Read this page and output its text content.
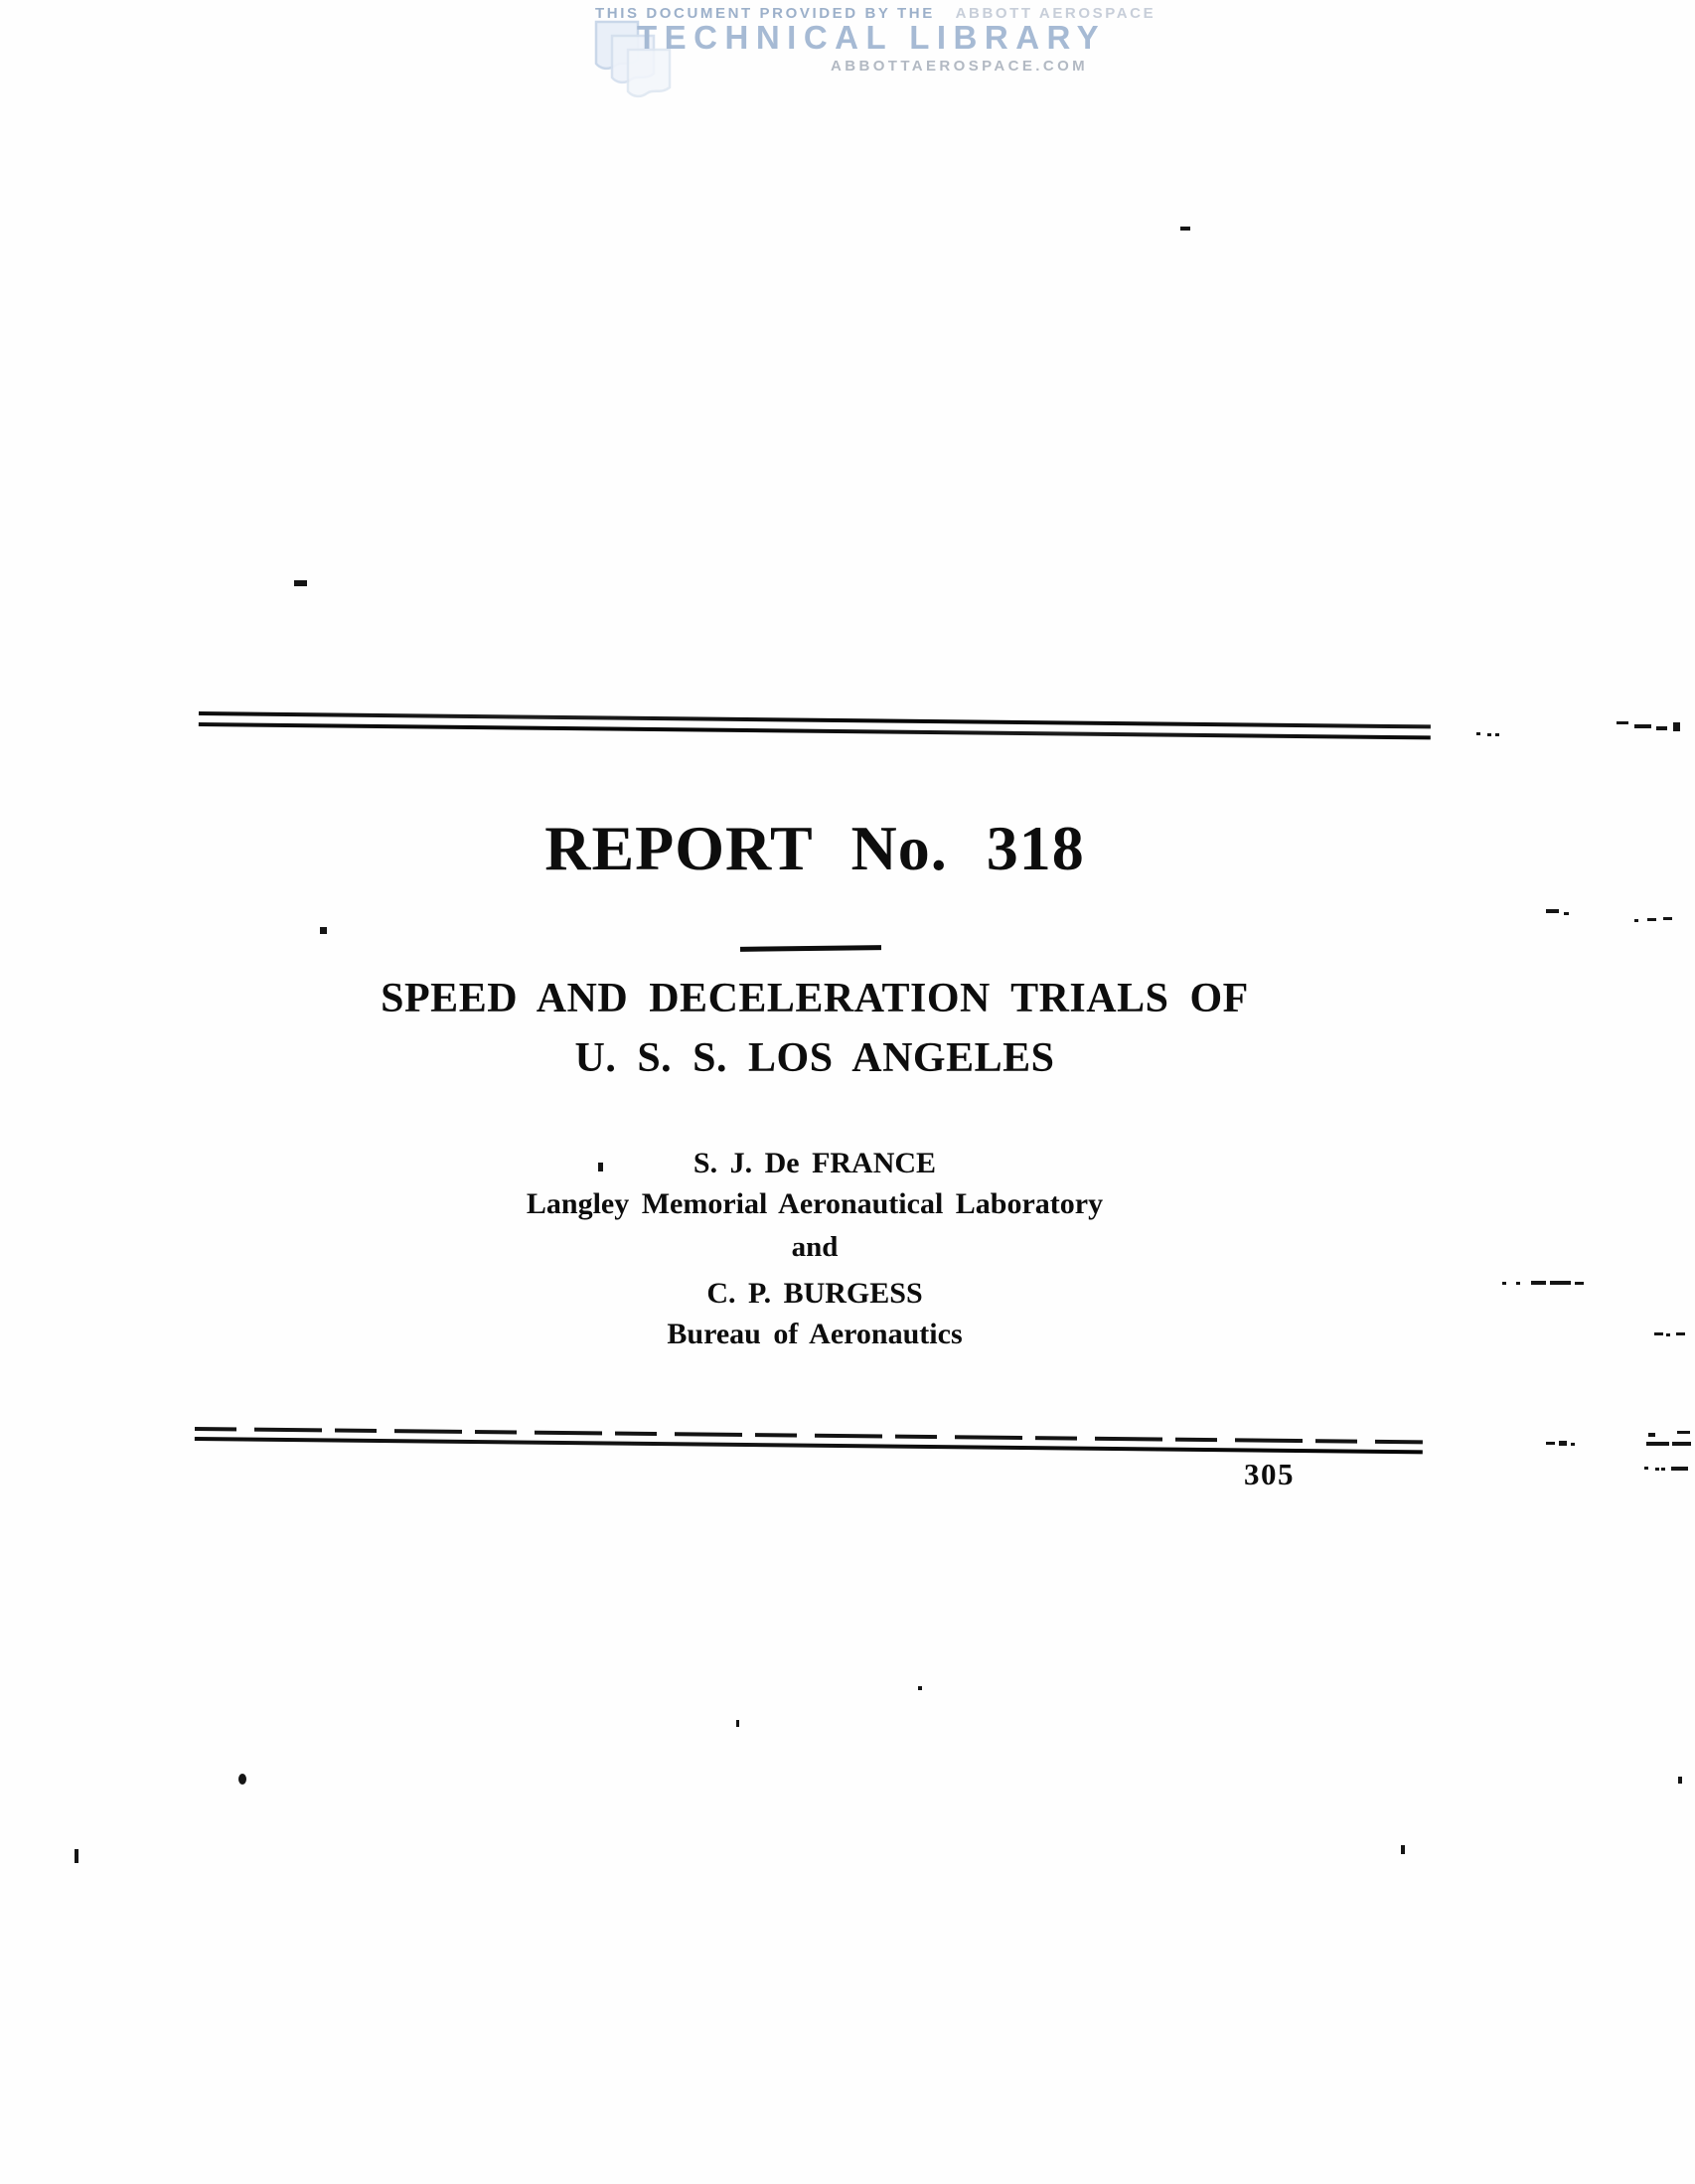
THIS DOCUMENT PROVIDED BY THE ABBOTT AEROSPACE
TECHNICAL LIBRARY
ABBOTTAEROSPACE.COM
REPORT No. 318
SPEED AND DECELERATION TRIALS OF
U. S. S. LOS ANGELES
S. J. De FRANCE
Langley Memorial Aeronautical Laboratory
and
C. P. BURGESS
Bureau of Aeronautics
305
